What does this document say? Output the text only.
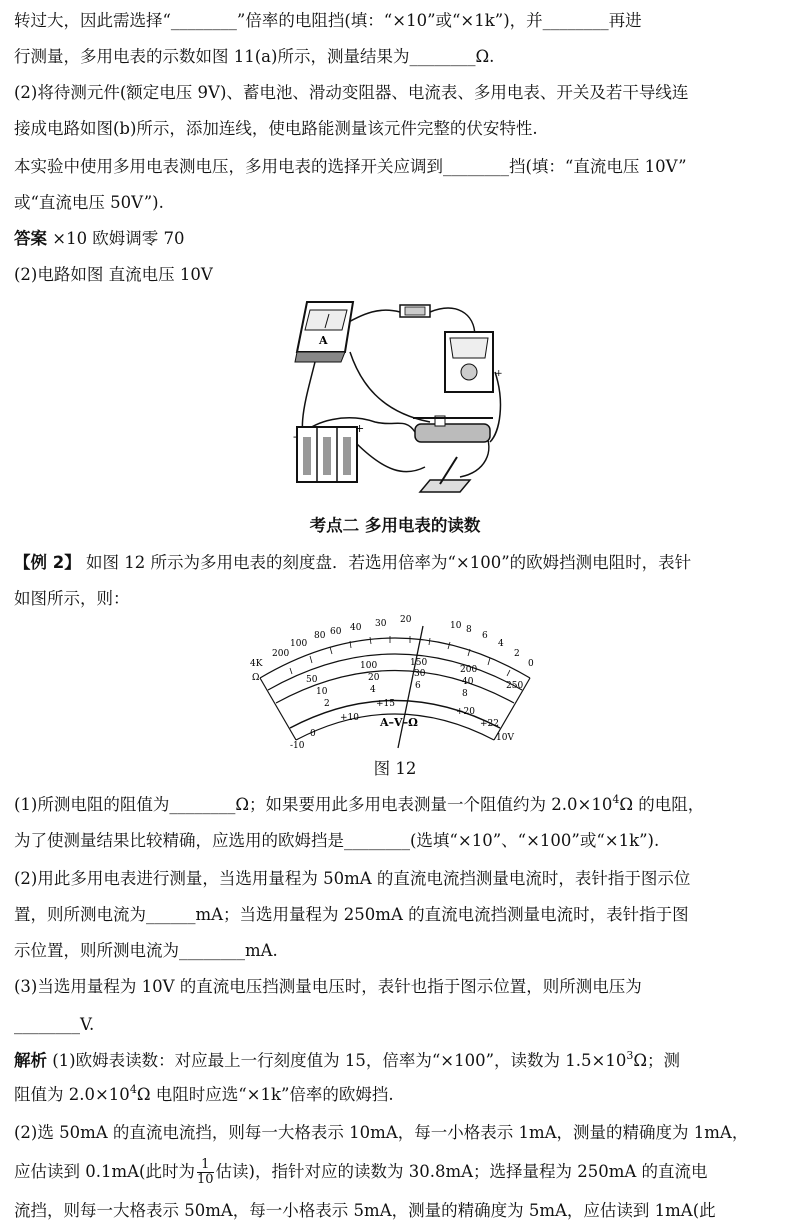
转过大，因此需选择“________”倍率的电阻挡(填：“×10”或“×1k”)，并________再进
行测量，多用电表的示数如图 11(a)所示，测量结果为________Ω.
(2)将待测元件(额定电压 9V)、蓄电池、滑动变阻器、电流表、多用电表、开关及若干导线连
接成电路如图(b)所示，添加连线，使电路能测量该元件完整的伏安特性.
本实验中使用多用电表测电压，多用电表的选择开关应调到________挡(填：“直流电压 10V”
或“直流电压 50V”).
答案 ×10 欧姆调零 70
(2)电路如图 直流电压 10V
A
+
-
+
考点二 多用电表的读数
【例 2】 如图 12 所示为多用电表的刻度盘．若选用倍率为“×100”的欧姆挡测电阻时，表针
如图所示，则：
4K
200
100
80 60 40 30 20
10 8
6
4
2
0
Ω	50
100	150
200
250
10
20	30
40
2
4	6
8
0
-10
+10
+15
+20
+22
10V
A–V–Ω
图 12
(1)所测电阻的阻值为________Ω；如果要用此多用电表测量一个阻值约为 $2.0\times 10^4\Omega$ 的电阻，
为了使测量结果比较精确，应选用的欧姆挡是________(选填“×10”、“×100”或“×1k”).
(2)用此多用电表进行测量，当选用量程为 50mA 的直流电流挡测量电流时，表针指于图示位
置，则所测电流为______mA；当选用量程为 250mA 的直流电流挡测量电流时，表针指于图
示位置，则所测电流为________mA.
(3)当选用量程为 10V 的直流电压挡测量电压时，表针也指于图示位置，则所测电压为
________V.
解析 (1)欧姆表读数：对应最上一行刻度值为 15，倍率为“×100”，读数为 $1.5\times 10^3\Omega$；测
阻值为 $2.0\times 10^4\Omega$ 电阻时应选“×1k”倍率的欧姆挡.
(2)选 50mA 的直流电流挡，则每一大格表示 10mA，每一小格表示 1mA，测量的精确度为 1mA，
应估读到 0.1mA(此时为 $\frac{1}{10}$ 估读)，指针对应的读数为 30.8mA；选择量程为 250mA 的直流电
流挡，则每一大格表示 50mA，每一小格表示 5mA，测量的精确度为 5mA，应估读到 1mA(此
